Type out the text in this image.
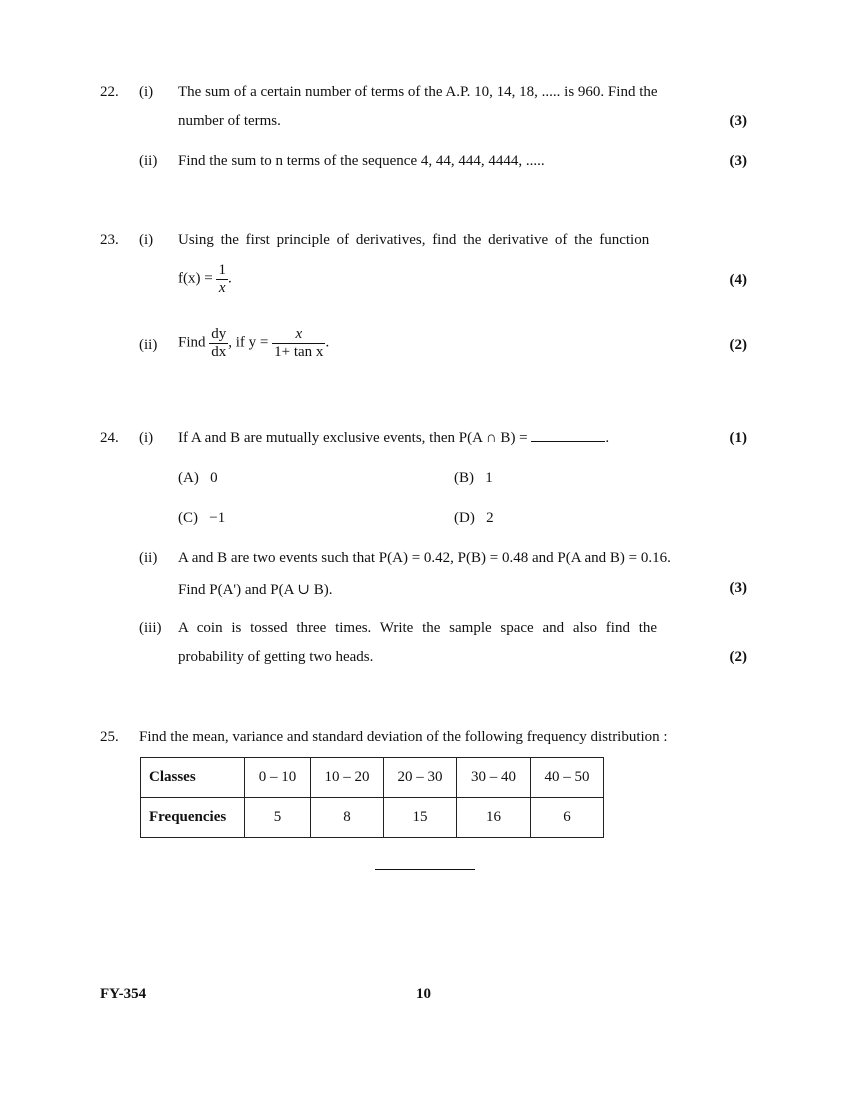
22. (i) The sum of a certain number of terms of the A.P. 10, 14, 18, ..... is 960. Find the
number of terms.	(3)
(ii) Find the sum to n terms of the sequence 4, 44, 444, 4444, .....	(3)
23. (i) Using the first principle of derivatives, find the derivative of the function
$f(x) = \frac{1}{x}$ .	(4)
(ii) Find $\frac{dy}{dx}$ , if $y = \frac{x}{\text{1+ tan x}}$ .	(2)
24. (i) If A and B are mutually exclusive events, then P(A ∩ B) =	.	(1)
(A) 0	(B) 1
(C) −1	(D) 2
(ii) A and B are two events such that P(A) = 0.42, P(B) = 0.48 and P(A and B) = 0.16.
Find P(A') and P(A ∪ B).	(3)
(iii) A coin is tossed three times. Write the sample space and also find the
probability of getting two heads.	(2)
25. Find the mean, variance and standard deviation of the following frequency distribution :
Classes	0 – 10	10 – 20	20 – 30	30 – 40	40 – 50
Frequencies	5	8	15	16	6
FY-354	10
